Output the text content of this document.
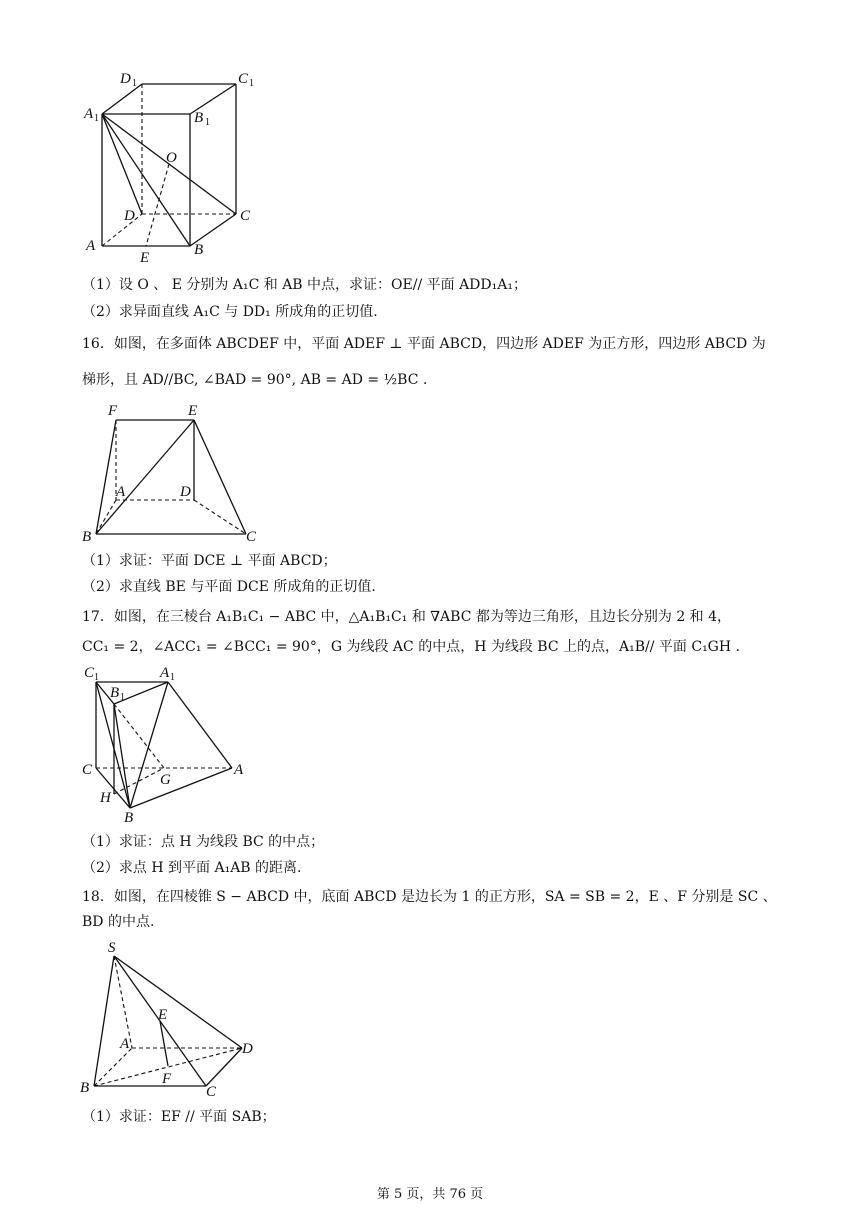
D 1	C 1
A 1	B 1
O
D	C
A
E	B
（1）设 O 、 E 分别为 A₁C 和 AB 中点，求证：OE// 平面 ADD₁A₁；
（2）求异面直线 A₁C 与 DD₁ 所成角的正切值.
16．如图，在多面体 ABCDEF 中，平面 ADEF ⊥ 平面 ABCD，四边形 ADEF 为正方形，四边形 ABCD 为
梯形，且 AD//BC, ∠BAD = 90°, AB = AD = ½BC .
F	E
A	D
B	C
（1）求证：平面 DCE ⊥ 平面 ABCD；
（2）求直线 BE 与平面 DCE 所成角的正切值.
17．如图，在三棱台 A₁B₁C₁ − ABC 中，△A₁B₁C₁ 和 ∇ABC 都为等边三角形，且边长分别为 2 和 4，
CC₁ = 2，∠ACC₁ = ∠BCC₁ = 90°，G 为线段 AC 的中点，H 为线段 BC 上的点，A₁B// 平面 C₁GH .
C 1	A 1
B 1
C
G
A
H
B
（1）求证：点 H 为线段 BC 的中点；
（2）求点 H 到平面 A₁AB 的距离.
18．如图，在四棱锥 S − ABCD 中，底面 ABCD 是边长为 1 的正方形，SA = SB = 2，E 、F 分别是 SC 、
BD 的中点.
S
E
A	D
F
B	C
（1）求证：EF // 平面 SAB；
第 5 页，共 76 页
